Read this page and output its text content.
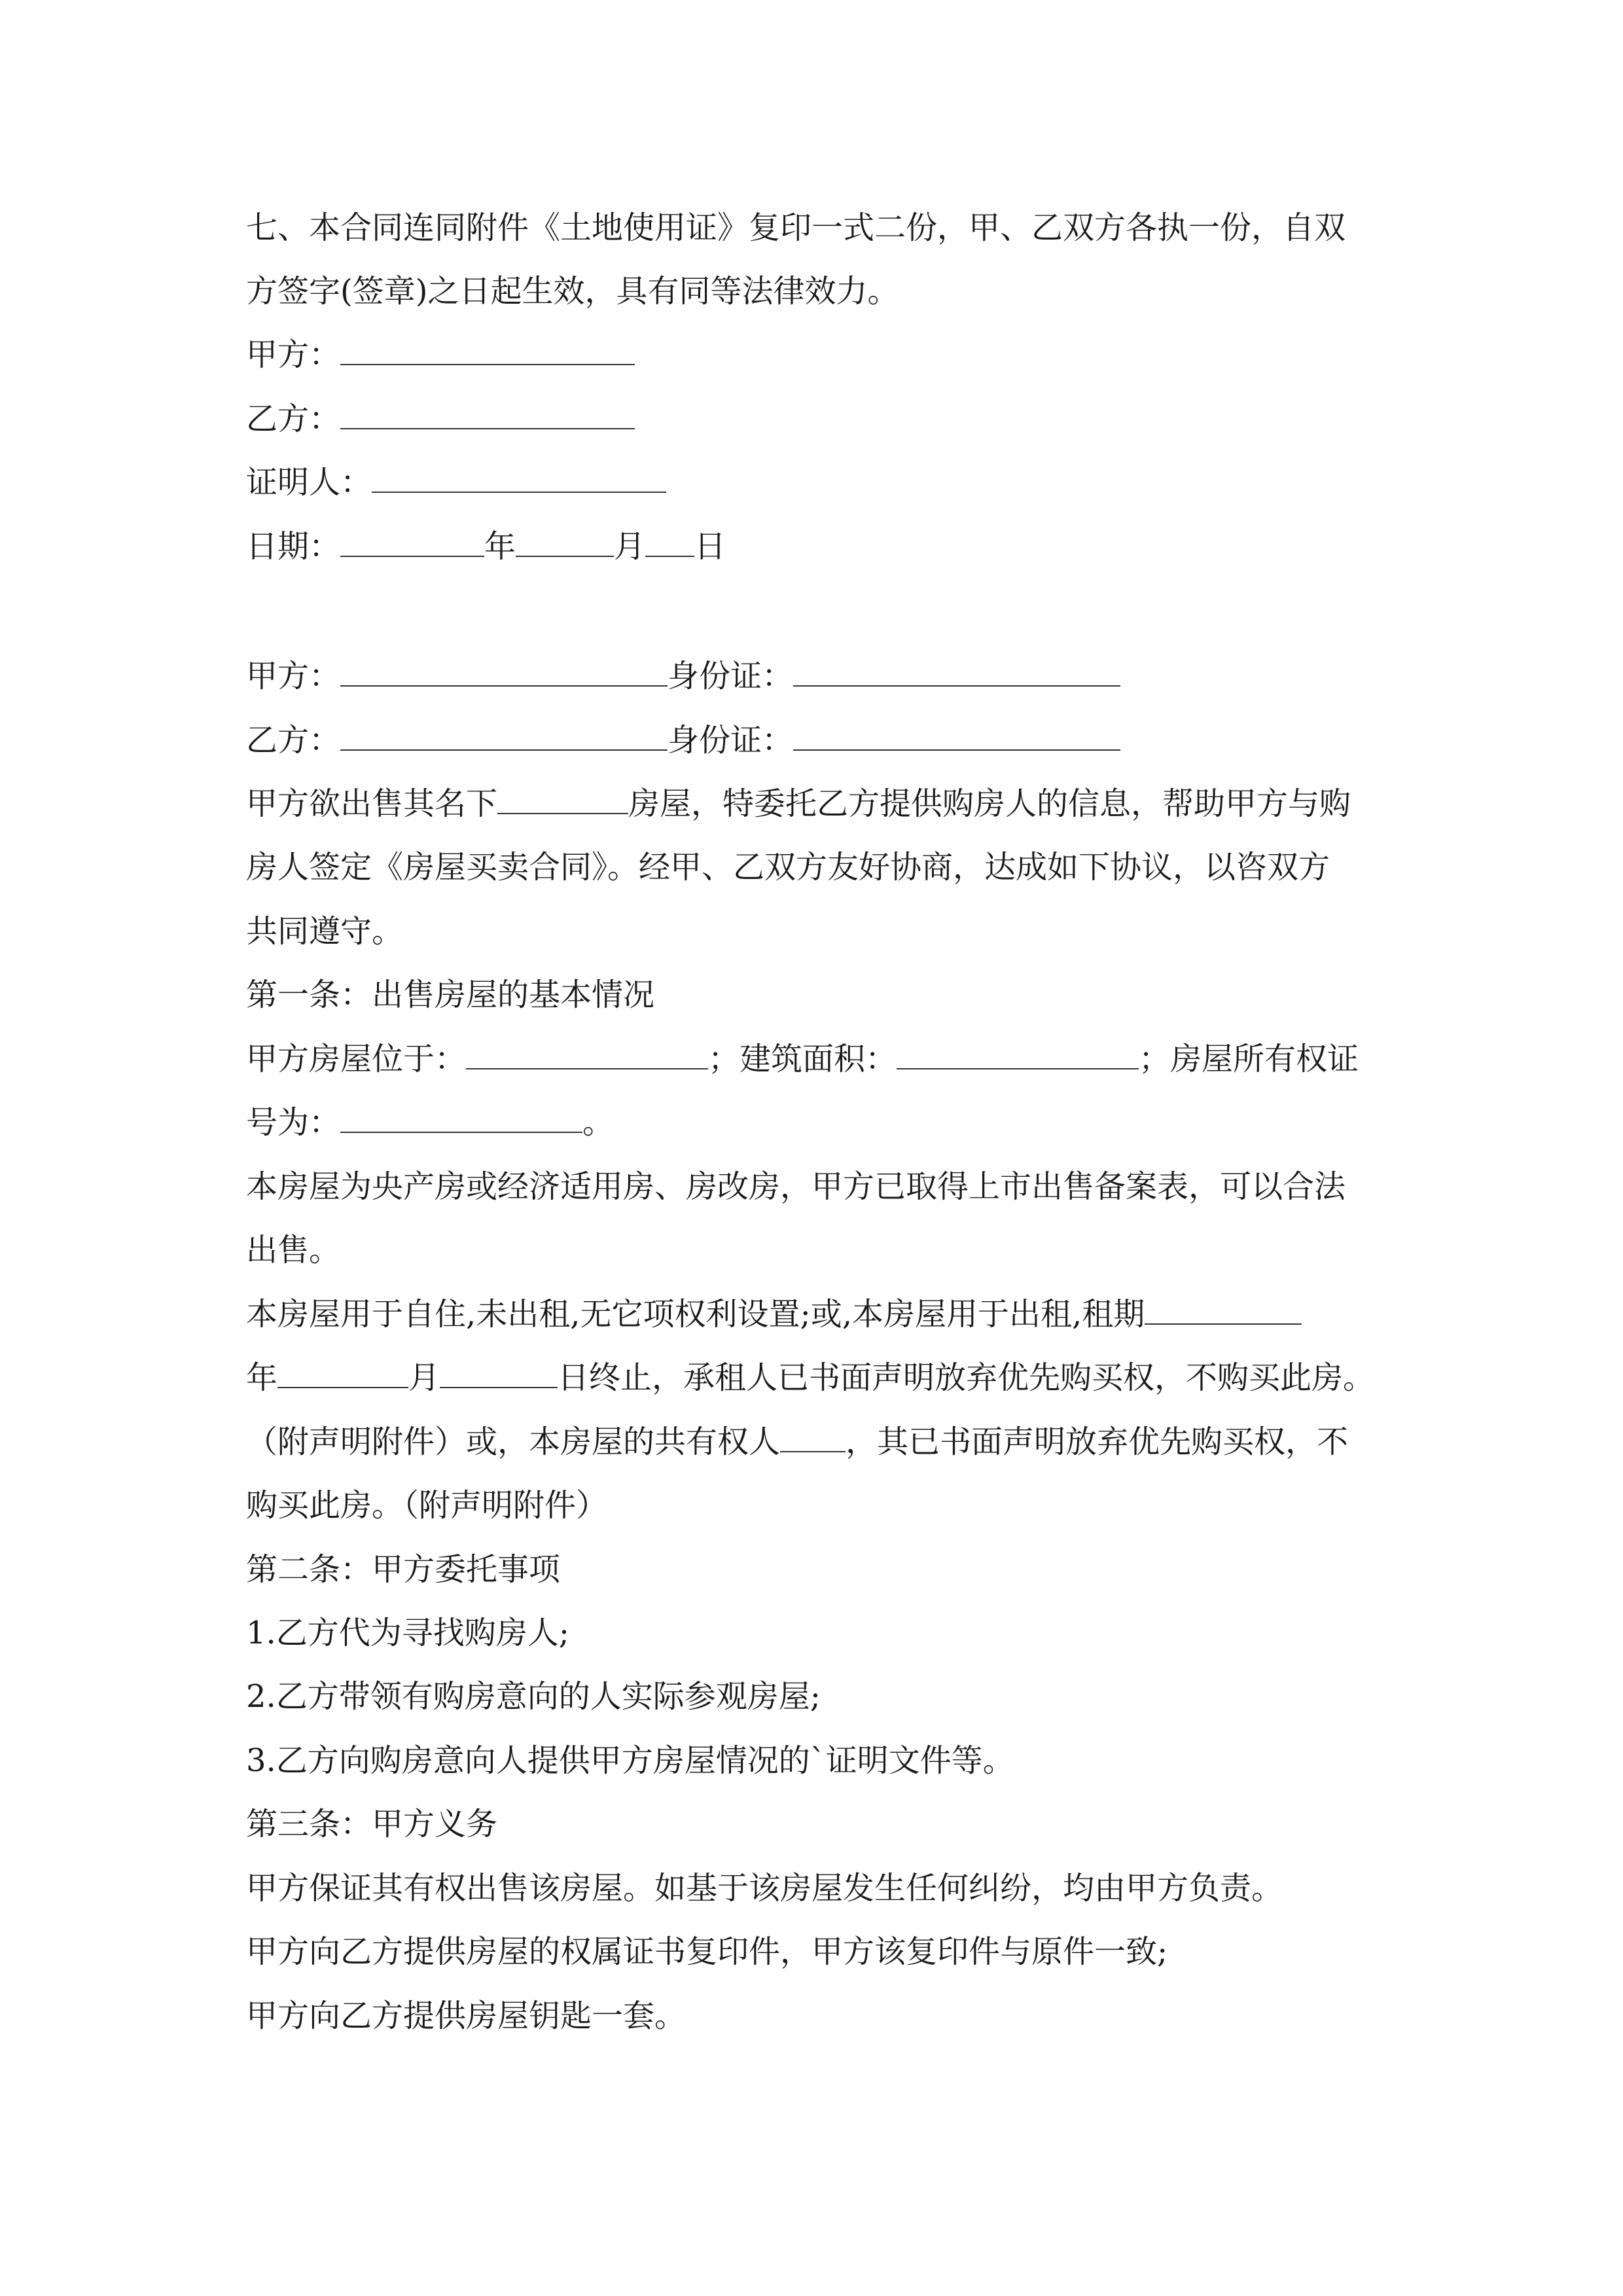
七、本合同连同附件《土地使用证》复印一式二份，甲、乙双方各执一份，自双
方签字(签章)之日起生效，具有同等法律效力。
甲方：
乙方：
证明人：
日期：	年	月 日
甲方：	身份证：
乙方：	身份证：
甲方欲出售其名下	房屋，特委托乙方提供购房人的信息，帮助甲方与购
房人签定《房屋买卖合同》。经甲、乙双方友好协商，达成如下协议，以咨双方
共同遵守。
第一条：出售房屋的基本情况
甲方房屋位于：	；建筑面积：	；房屋所有权证
号为：	。
本房屋为央产房或经济适用房、房改房，甲方已取得上市出售备案表，可以合法
出售。
本房屋用于自住,未出租,无它项权利设置;或,本房屋用于出租,租期
年	月	日终止，承租人已书面声明放弃优先购买权，不购买此房。
（附声明附件）或，本房屋的共有权人 ，其已书面声明放弃优先购买权，不
购买此房。（附声明附件）
第二条：甲方委托事项
1.乙方代为寻找购房人;
2.乙方带领有购房意向的人实际参观房屋;
3.乙方向购房意向人提供甲方房屋情况的`证明文件等。
第三条：甲方义务
甲方保证其有权出售该房屋。如基于该房屋发生任何纠纷，均由甲方负责。
甲方向乙方提供房屋的权属证书复印件，甲方该复印件与原件一致;
甲方向乙方提供房屋钥匙一套。
